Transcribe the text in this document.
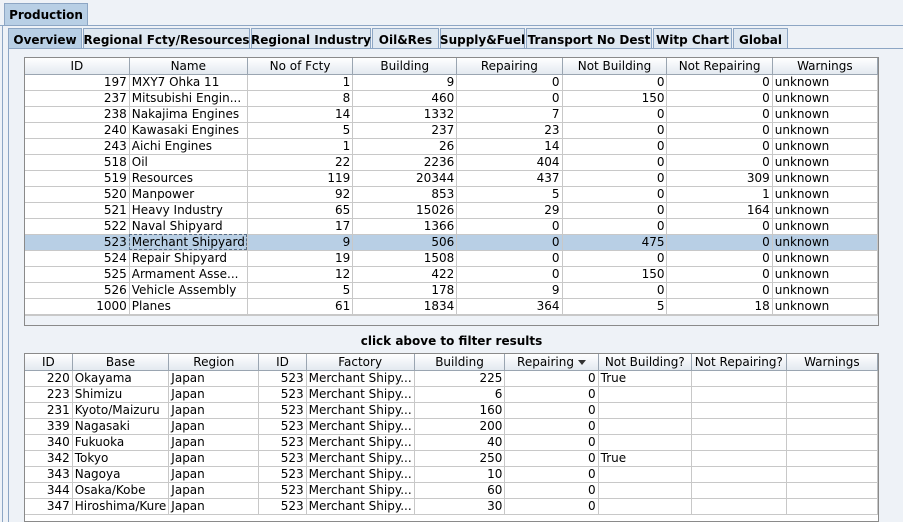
Production
Overview Regional Fcty/Resources Regional Industry Oil&Res Supply&Fuel Transport No Dest Witp Chart Global
ID	Name	No of Fcty	Building	Repairing	Not Building	Not Repairing	Warnings
197	MXY7 Ohka 11	1	9	0	0	0	unknown
237	Mitsubishi Engin...	8	460	0	150	0	unknown
238	Nakajima Engines	14	1332	7	0	0	unknown
240	Kawasaki Engines	5	237	23	0	0	unknown
243	Aichi Engines	1	26	14	0	0	unknown
518	Oil	22	2236	404	0	0	unknown
519	Resources	119	20344	437	0	309	unknown
520	Manpower	92	853	5	0	1	unknown
521	Heavy Industry	65	15026	29	0	164	unknown
522	Naval Shipyard	17	1366	0	0	0	unknown
523	Merchant Shipyard	9	506	0	475	0	unknown
524	Repair Shipyard	19	1508	0	0	0	unknown
525	Armament Asse...	12	422	0	150	0	unknown
526	Vehicle Assembly	5	178	9	0	0	unknown
1000	Planes	61	1834	364	5	18	unknown
click above to filter results
ID	Base	Region	ID	Factory	Building	Repairing	Not Building?	Not Repairing?	Warnings
220	Okayama	Japan	523	Merchant Shipy...	225	0	True		
223	Shimizu	Japan	523	Merchant Shipy...	6	0			
231	Kyoto/Maizuru	Japan	523	Merchant Shipy...	160	0			
339	Nagasaki	Japan	523	Merchant Shipy...	200	0			
340	Fukuoka	Japan	523	Merchant Shipy...	40	0			
342	Tokyo	Japan	523	Merchant Shipy...	250	0	True		
343	Nagoya	Japan	523	Merchant Shipy...	10	0			
344	Osaka/Kobe	Japan	523	Merchant Shipy...	60	0			
347	Hiroshima/Kure	Japan	523	Merchant Shipy...	30	0			
